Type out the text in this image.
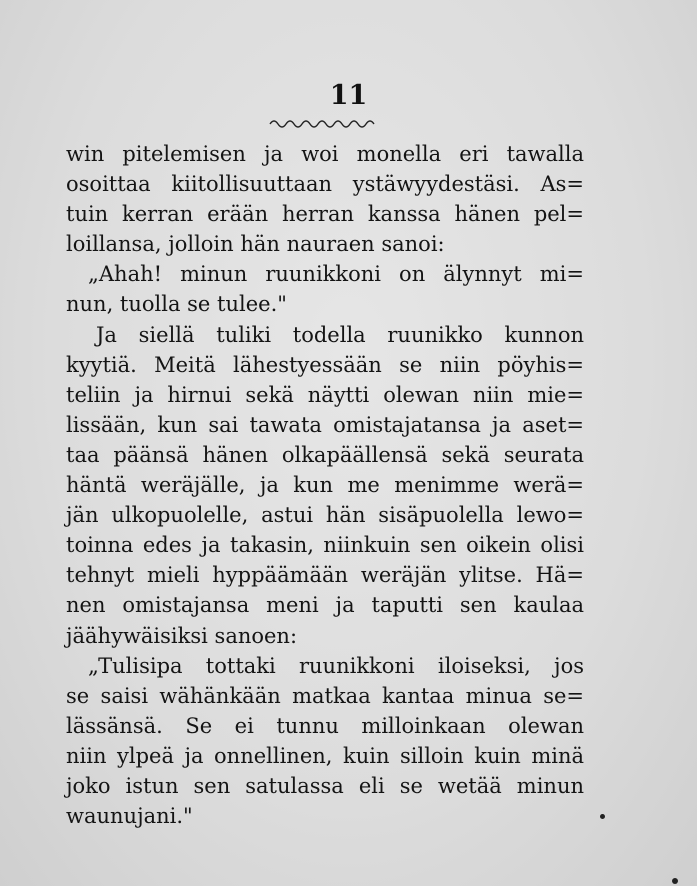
11
win pitelemisen ja woi monella eri tawalla
osoittaa kiitollisuuttaan ystäwyydestäsi. As=
tuin kerran erään herran kanssa hänen pel=
loillansa, jolloin hän nauraen sanoi:
„Ahah! minun ruunikkoni on älynnyt mi=
nun, tuolla se tulee."
Ja siellä tuliki todella ruunikko kunnon
kyytiä. Meitä lähestyessään se niin pöyhis=
teliin ja hirnui sekä näytti olewan niin mie=
lissään, kun sai tawata omistajatansa ja aset=
taa päänsä hänen olkapäällensä sekä seurata
häntä weräjälle, ja kun me menimme werä=
jän ulkopuolelle, astui hän sisäpuolella lewo=
toinna edes ja takasin, niinkuin sen oikein olisi
tehnyt mieli hyppäämään weräjän ylitse. Hä=
nen omistajansa meni ja taputti sen kaulaa
jäähywäisiksi sanoen:
„Tulisipa tottaki ruunikkoni iloiseksi, jos
se saisi wähänkään matkaa kantaa minua se=
lässänsä. Se ei tunnu milloinkaan olewan
niin ylpeä ja onnellinen, kuin silloin kuin minä
joko istun sen satulassa eli se wetää minun
waunujani."
